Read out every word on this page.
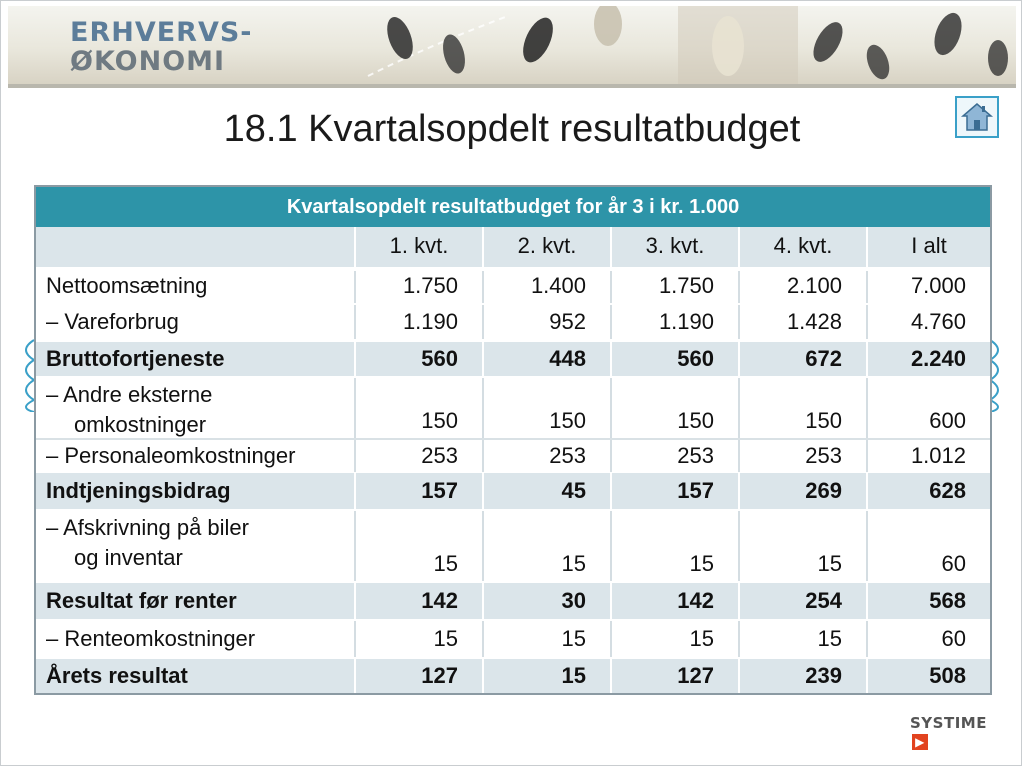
ERHVERVS-
ØKONOMI
18.1 Kvartalsopdelt resultatbudget
Kvartalsopdelt resultatbudget for år 3 i kr. 1.000
1. kvt.	2. kvt.	3. kvt.	4. kvt.	I alt
Nettoomsætning	1.750	1.400	1.750	2.100	7.000
– Vareforbrug	1.190	952	1.190	1.428	4.760
Bruttofortjeneste	560	448	560	672	2.240
– Andre eksterne
omkostninger	150	150	150	150	600
– Personaleomkostninger	253	253	253	253	1.012
Indtjeningsbidrag	157	45	157	269	628
– Afskrivning på biler
og inventar	15	15	15	15	60
Resultat før renter	142	30	142	254	568
– Renteomkostninger	15	15	15	15	60
Årets resultat	127	15	127	239	508
SYSTIME▶
